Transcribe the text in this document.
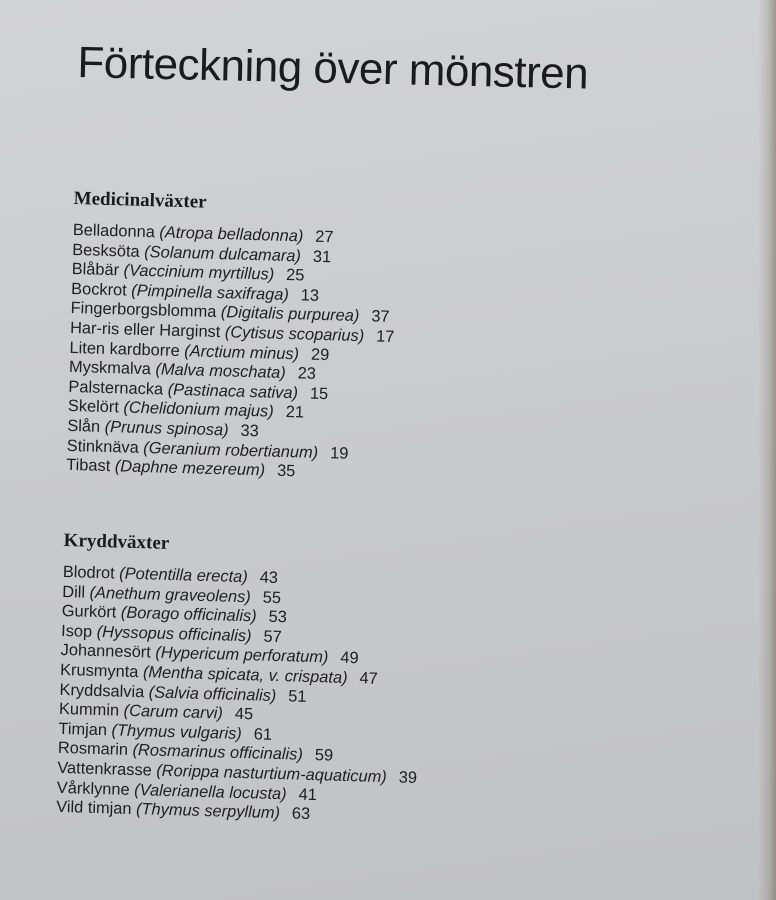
Förteckning över mönstren
Medicinalväxter
Belladonna (Atropa belladonna) 27
Besksöta (Solanum dulcamara) 31
Blåbär (Vaccinium myrtillus) 25
Bockrot (Pimpinella saxifraga) 13
Fingerborgsblomma (Digitalis purpurea) 37
Har-ris eller Harginst (Cytisus scoparius) 17
Liten kardborre (Arctium minus) 29
Myskmalva (Malva moschata) 23
Palsternacka (Pastinaca sativa) 15
Skelört (Chelidonium majus) 21
Slån (Prunus spinosa) 33
Stinknäva (Geranium robertianum) 19
Tibast (Daphne mezereum) 35
Kryddväxter
Blodrot (Potentilla erecta) 43
Dill (Anethum graveolens) 55
Gurkört (Borago officinalis) 53
Isop (Hyssopus officinalis) 57
Johannesört (Hypericum perforatum) 49
Krusmynta (Mentha spicata, v. crispata) 47
Kryddsalvia (Salvia officinalis) 51
Kummin (Carum carvi) 45
Timjan (Thymus vulgaris) 61
Rosmarin (Rosmarinus officinalis) 59
Vattenkrasse (Rorippa nasturtium-aquaticum) 39
Vårklynne (Valerianella locusta) 41
Vild timjan (Thymus serpyllum) 63
